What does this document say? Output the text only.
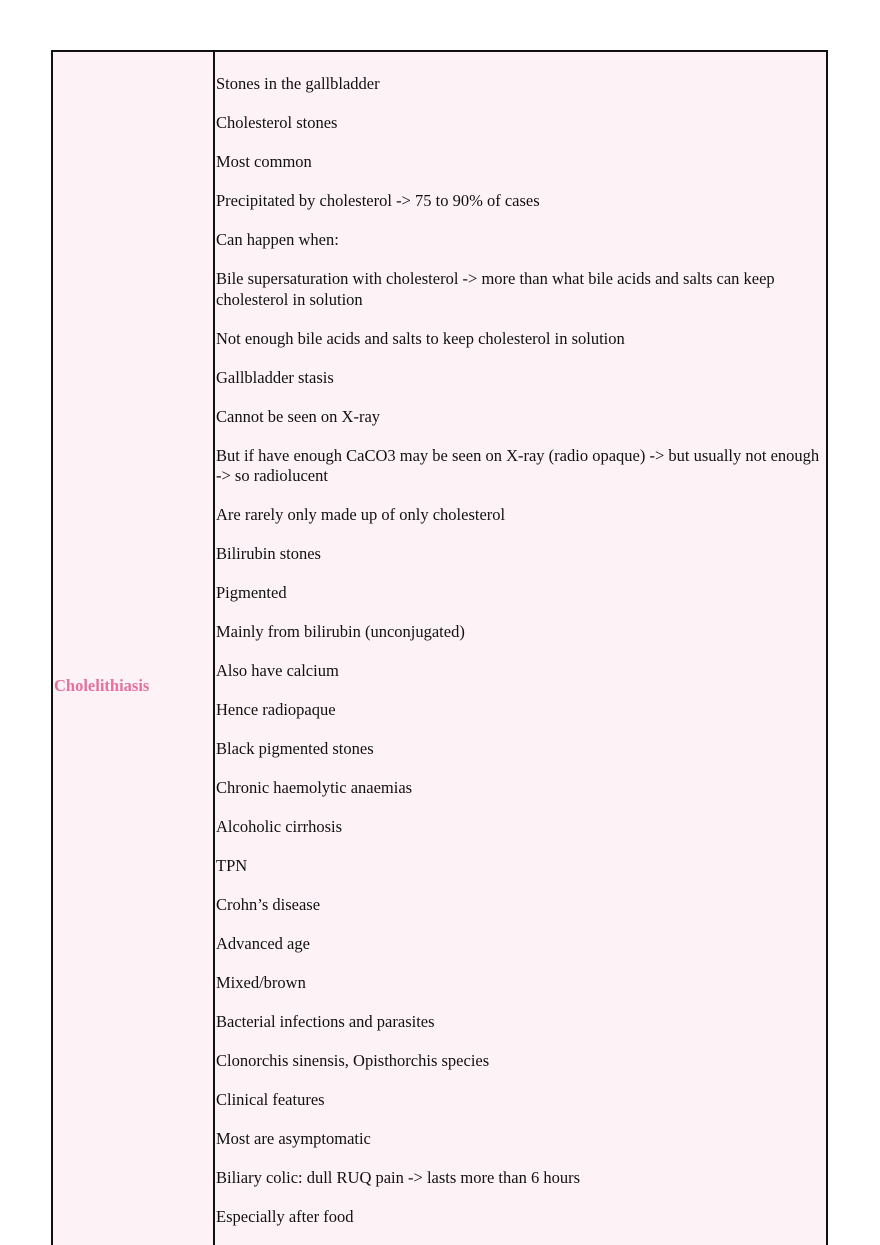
Cholelithiasis
Stones in the gallbladder
Cholesterol stones
Most common
Precipitated by cholesterol -> 75 to 90% of cases
Can happen when:
Bile supersaturation with cholesterol -> more than what bile acids and salts can keep cholesterol in solution
Not enough bile acids and salts to keep cholesterol in solution
Gallbladder stasis
Cannot be seen on X-ray
But if have enough CaCO3 may be seen on X-ray (radio opaque) -> but usually not enough -> so radiolucent
Are rarely only made up of only cholesterol
Bilirubin stones
Pigmented
Mainly from bilirubin (unconjugated)
Also have calcium
Hence radiopaque
Black pigmented stones
Chronic haemolytic anaemias
Alcoholic cirrhosis
TPN
Crohn’s disease
Advanced age
Mixed/brown
Bacterial infections and parasites
Clonorchis sinensis, Opisthorchis species
Clinical features
Most are asymptomatic
Biliary colic: dull RUQ pain -> lasts more than 6 hours
Especially after food
